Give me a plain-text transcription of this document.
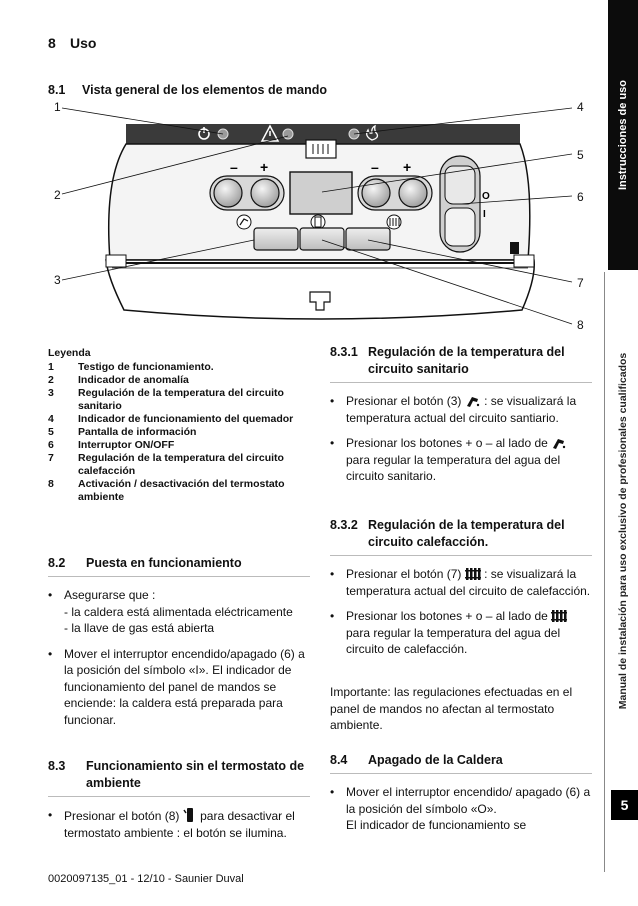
Instrucciones de uso
Manual de instalación para uso exclusivo de profesionales cualificados
5
8 Uso
8.1 Vista general de los elementos de mando
1
2
3
4
5
6
7
8
– +	– +
O
I
Leyenda
1	Testigo de funcionamiento.
2	Indicador de anomalía
3	Regulación de la temperatura del circuito sanitario
4	Indicador de funcionamiento del quemador
5	Pantalla de información
6	Interruptor ON/OFF
7	Regulación de la temperatura del circuito calefacción
8	Activación / desactivación del termostato ambiente
8.2	Puesta en funcionamiento
• Asegurarse que :
- la caldera está alimentada eléctricamente
- la llave de gas está abierta
• Mover el interruptor encendido/apagado (6) a la posición del símbolo «I». El indicador de funcionamiento del panel de mandos se enciende: la caldera está preparada para funcionar.
8.3	Funcionamiento sin el termostato de ambiente
• Presionar el botón (8) para desactivar el termostato ambiente : el botón se ilumina.
8.3.1 Regulación de la temperatura del circuito sanitario
• Presionar el botón (3) : se visualizará la temperatura actual del circuito santiario.
• Presionar los botones + o – al lado de  para regular la temperatura del agua del circuito sanitario.
8.3.2 Regulación de la temperatura del circuito calefacción.
• Presionar el botón (7) : se visualizará la temperatura actual del circuito de calefacción.
• Presionar los botones + o – al lado de  para regular la temperatura del agua del circuito de calefacción.
Importante: las regulaciones efectuadas en el panel de mandos no afectan al termostato ambiente.
8.4	Apagado de la Caldera
• Mover el interruptor encendido/ apagado (6) a la posición del símbolo «O».
El indicador de funcionamiento se
0020097135_01 - 12/10 - Saunier Duval
